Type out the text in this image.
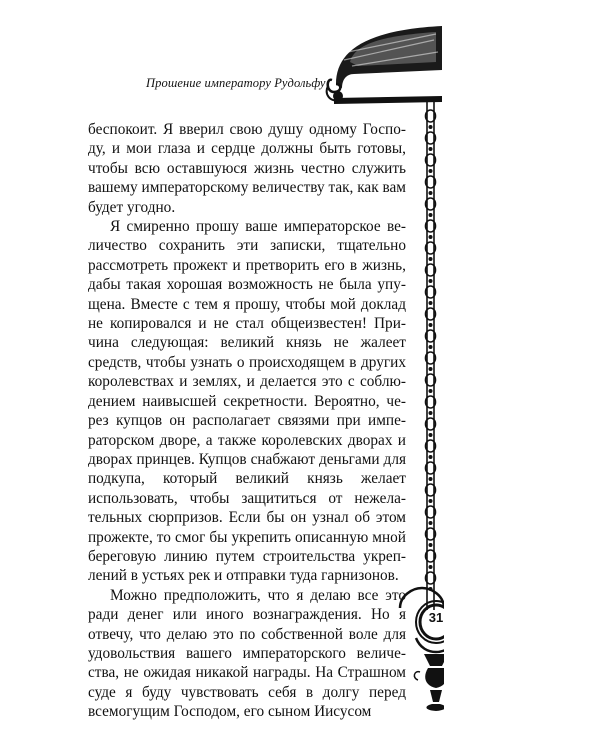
Прошение императору Рудольфу

беспокоит. Я вверил свою душу одному Господу, и мои глаза и сердце должны быть готовы, чтобы всю оставшуюся жизнь честно служить вашему императорскому величеству так, как вам будет угодно.

Я смиренно прошу ваше императорское величество сохранить эти записки, тщательно рассмотреть прожект и претворить его в жизнь, дабы такая хорошая возможность не была упущена. Вместе с тем я прошу, чтобы мой доклад не копировался и не стал общеизвестен! Причина следующая: великий князь не жалеет средств, чтобы узнать о происходящем в других королевствах и землях, и делается это с соблюдением наивысшей секретности. Вероятно, через купцов он располагает связями при императорском дворе, а также королевских дворах и дворах принцев. Купцов снабжают деньгами для подкупа, который великий князь желает использовать, чтобы защититься от нежелательных сюрпризов. Если бы он узнал об этом прожекте, то смог бы укрепить описанную мной береговую линию путем строительства укреплений в устьях рек и отправки туда гарнизонов.

Можно предположить, что я делаю все это ради денег или иного вознаграждения. Но я отвечу, что делаю это по собственной воле для удовольствия вашего императорского величества, не ожидая никакой награды. На Страшном суде я буду чувствовать себя в долгу перед всемогущим Господом, его сыном Иисусом

31
